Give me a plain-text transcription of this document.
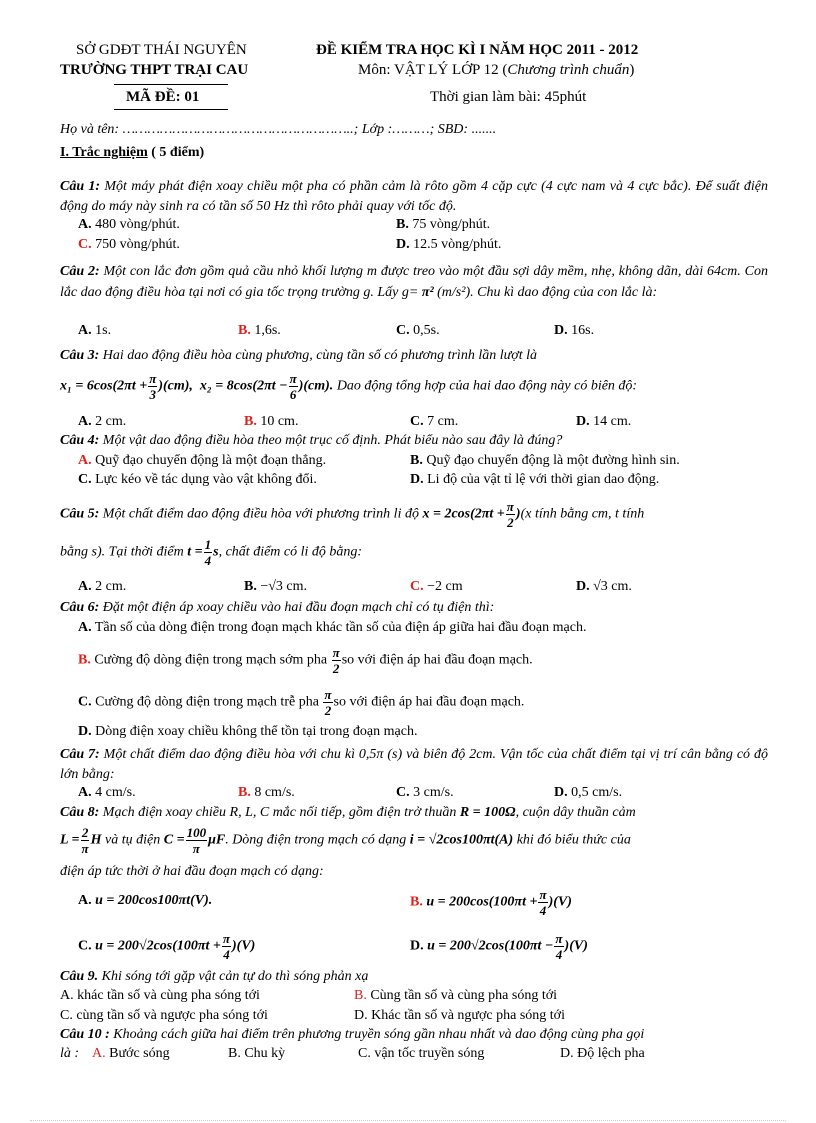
SỞ GDĐT THÁI NGUYÊN
TRƯỜNG THPT TRẠI CAU
MÃ ĐỀ: 01
ĐỀ KIỂM TRA HỌC KÌ I NĂM HỌC 2011 - 2012
Môn: VẬT LÝ LỚP 12 (Chương trình chuẩn)
Thời gian làm bài: 45phút
Họ và tên: ………………………………………………..; Lớp :………; SBD: .......
I. Trắc nghiệm ( 5 điểm)
Câu 1: Một máy phát điện xoay chiều một pha có phần cảm là rôto gồm 4 cặp cực (4 cực nam và 4 cực bắc). Để suất điện động do máy này sinh ra có tần số 50 Hz thì rôto phải quay với tốc độ.
A. 480 vòng/phút.	B. 75 vòng/phút.
C. 750 vòng/phút.	D. 12.5 vòng/phút.
Câu 2: Một con lắc đơn gồm quả cầu nhỏ khối lượng m được treo vào một đầu sợi dây mềm, nhẹ, không dãn, dài 64cm. Con lắc dao động điều hòa tại nơi có gia tốc trọng trường g. Lấy g= π² (m/s²). Chu kì dao động của con lắc là:
A. 1s.	B. 1,6s.	C. 0,5s.	D. 16s.
Câu 3: Hai dao động điều hòa cùng phương, cùng tần số có phương trình lần lượt là
$x_1 = 6\cos(2\pi t + \frac{\pi}{3} )(cm)$, $x_2 = 8\cos(2\pi t - \frac{\pi}{6} )(cm)$. Dao động tổng hợp của hai dao động này có biên độ:
A. 2 cm.	B. 10 cm.	C. 7 cm.	D. 14 cm.
Câu 4: Một vật dao động điều hòa theo một trục cố định. Phát biểu nào sau đây là đúng?
A. Quỹ đạo chuyển động là một đoạn thẳng.	B. Quỹ đạo chuyển động là một đường hình sin.
C. Lực kéo về tác dụng vào vật không đổi.	D. Li độ của vật tỉ lệ với thời gian dao động.
Câu 5: Một chất điểm dao động điều hòa với phương trình li độ $x = 2\cos(2\pi t + \frac{\pi}{2} )(x$ tính bằng cm, t tính
bằng s). Tại thời điểm $t = \frac{1}{4} s$, chất điểm có li độ bằng:
A. 2 cm.	B. −√3 cm.	C. −2 cm	D. √3 cm.
Câu 6: Đặt một điện áp xoay chiều vào hai đầu đoạn mạch chỉ có tụ điện thì:
A. Tần số của dòng điện trong đoạn mạch khác tần số của điện áp giữa hai đầu đoạn mạch.
B. Cường độ dòng điện trong mạch sớm pha $\frac{\pi}{2}$ so với điện áp hai đầu đoạn mạch.
C. Cường độ dòng điện trong mạch trễ pha $\frac{\pi}{2}$ so với điện áp hai đầu đoạn mạch.
D. Dòng điện xoay chiều không thể tồn tại trong đoạn mạch.
Câu 7: Một chất điểm dao động điều hòa với chu kì 0,5π (s) và biên độ 2cm. Vận tốc của chất điểm tại vị trí cân bằng có độ lớn bằng:
A. 4 cm/s.	B. 8 cm/s.	C. 3 cm/s.	D. 0,5 cm/s.
Câu 8: Mạch điện xoay chiều R, L, C mắc nối tiếp, gồm điện trở thuần R = 100Ω, cuộn dây thuần cảm
$L = \frac{2}{\pi}$ H và tụ điện $C = \frac{100}{\pi} \mu F$. Dòng điện trong mạch có dạng i = √2cos100πt(A) khi đó biểu thức của
điện áp tức thời ở hai đầu đoạn mạch có dạng:
A. u = 200cos100πt(V).	B. $u = 200\cos(100\pi t + \frac{\pi}{4} )(V)$
C. $u = 200√2\cos(100\pi t + \frac{\pi}{4} )(V)$	D. $u = 200√2\cos(100\pi t - \frac{\pi}{4} )(V)$
Câu 9. Khi sóng tới gặp vật cản tự do thì sóng phản xạ
A. khác tần số và cùng pha sóng tới	B. Cùng tần số và cùng pha sóng tới
C. cùng tần số và ngược pha sóng tới	D. Khác tần số và ngược pha sóng tới
Câu 10 : Khoảng cách giữa hai điểm trên phương truyền sóng gần nhau nhất và dao động cùng pha gọi
là : A. Bước sóng	B. Chu kỳ	C. vận tốc truyền sóng	D. Độ lệch pha
